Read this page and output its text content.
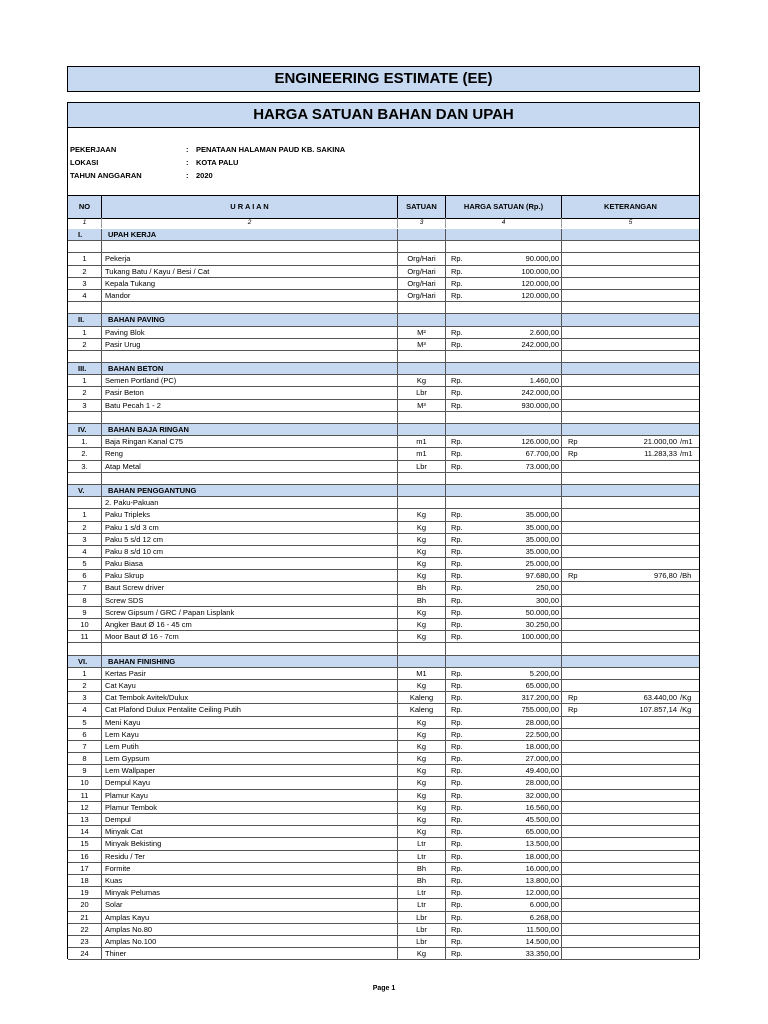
ENGINEERING ESTIMATE (EE)
HARGA SATUAN BAHAN DAN UPAH
PEKERJAAN	: PENATAAN HALAMAN PAUD KB. SAKINA
LOKASI	: KOTA PALU
TAHUN ANGGARAN	: 2020
NO	U R A I A N	SATUAN	HARGA SATUAN (Rp.)	KETERANGAN
1	2	3	4	5
I.	UPAH KERJA
1	Pekerja	Org/Hari	Rp.	90.000,00
2	Tukang Batu / Kayu / Besi / Cat	Org/Hari	Rp.	100.000,00
3	Kepala Tukang	Org/Hari	Rp.	120.000,00
4	Mandor	Org/Hari	Rp.	120.000,00
II.	BAHAN PAVING
1	Paving Blok	M²	Rp.	2.600,00
2	Pasir Urug	M³	Rp.	242.000,00
III.	BAHAN BETON
1	Semen Portland (PC)	Kg	Rp.	1.460,00
2	Pasir Beton	Lbr	Rp.	242.000,00
3	Batu Pecah 1 - 2	M³	Rp.	930.000,00
IV.	BAHAN BAJA RINGAN
1.	Baja Ringan Kanal C75	m1	Rp.	126.000,00	Rp	21.000,00 /m1
2.	Reng	m1	Rp.	67.700,00	Rp	11.283,33 /m1
3.	Atap Metal	Lbr	Rp.	73.000,00
V.	BAHAN PENGGANTUNG
2. Paku-Pakuan
1	Paku Tripleks	Kg	Rp.	35.000,00
2	Paku 1 s/d 3 cm	Kg	Rp.	35.000,00
3	Paku 5 s/d 12 cm	Kg	Rp.	35.000,00
4	Paku 8 s/d 10 cm	Kg	Rp.	35.000,00
5	Paku Biasa	Kg	Rp.	25.000,00
6	Paku Skrup	Kg	Rp.	97.680,00	Rp	976,80 /Bh
7	Baut Screw driver	Bh	Rp.	250,00
8	Screw SDS	Bh	Rp.	300,00
9	Screw Gipsum / GRC / Papan Lisplank	Kg	Rp.	50.000,00
10	Angker Baut Ø 16 - 45 cm	Kg	Rp.	30.250,00
11	Moor Baut Ø 16 - 7cm	Kg	Rp.	100.000,00
VI.	BAHAN FINISHING
1	Kertas Pasir	M1	Rp.	5.200,00
2	Cat Kayu	Kg	Rp.	65.000,00
3	Cat Tembok Avitek/Dulux	Kaleng	Rp.	317.200,00	Rp	63.440,00 /Kg
4	Cat Plafond Dulux Pentalite Ceiling Putih	Kaleng	Rp.	755.000,00	Rp	107.857,14 /Kg
5	Meni Kayu	Kg	Rp.	28.000,00
6	Lem Kayu	Kg	Rp.	22.500,00
7	Lem Putih	Kg	Rp.	18.000,00
8	Lem Gypsum	Kg	Rp.	27.000,00
9	Lem Wallpaper	Kg	Rp.	49.400,00
10	Dempul Kayu	Kg	Rp.	28.000,00
11	Plamur Kayu	Kg	Rp.	32.000,00
12	Plamur Tembok	Kg	Rp.	16.560,00
13	Dempul	Kg	Rp.	45.500,00
14	Minyak Cat	Kg	Rp.	65.000,00
15	Minyak Bekisting	Ltr	Rp.	13.500,00
16	Residu / Ter	Ltr	Rp.	18.000,00
17	Formite	Bh	Rp.	16.000,00
18	Kuas	Bh	Rp.	13.800,00
19	Minyak Pelumas	Ltr	Rp.	12.000,00
20	Solar	Ltr	Rp.	6.000,00
21	Amplas Kayu	Lbr	Rp.	6.268,00
22	Amplas No.80	Lbr	Rp.	11.500,00
23	Amplas No.100	Lbr	Rp.	14.500,00
24	Thiner	Kg	Rp.	33.350,00
Page 1
